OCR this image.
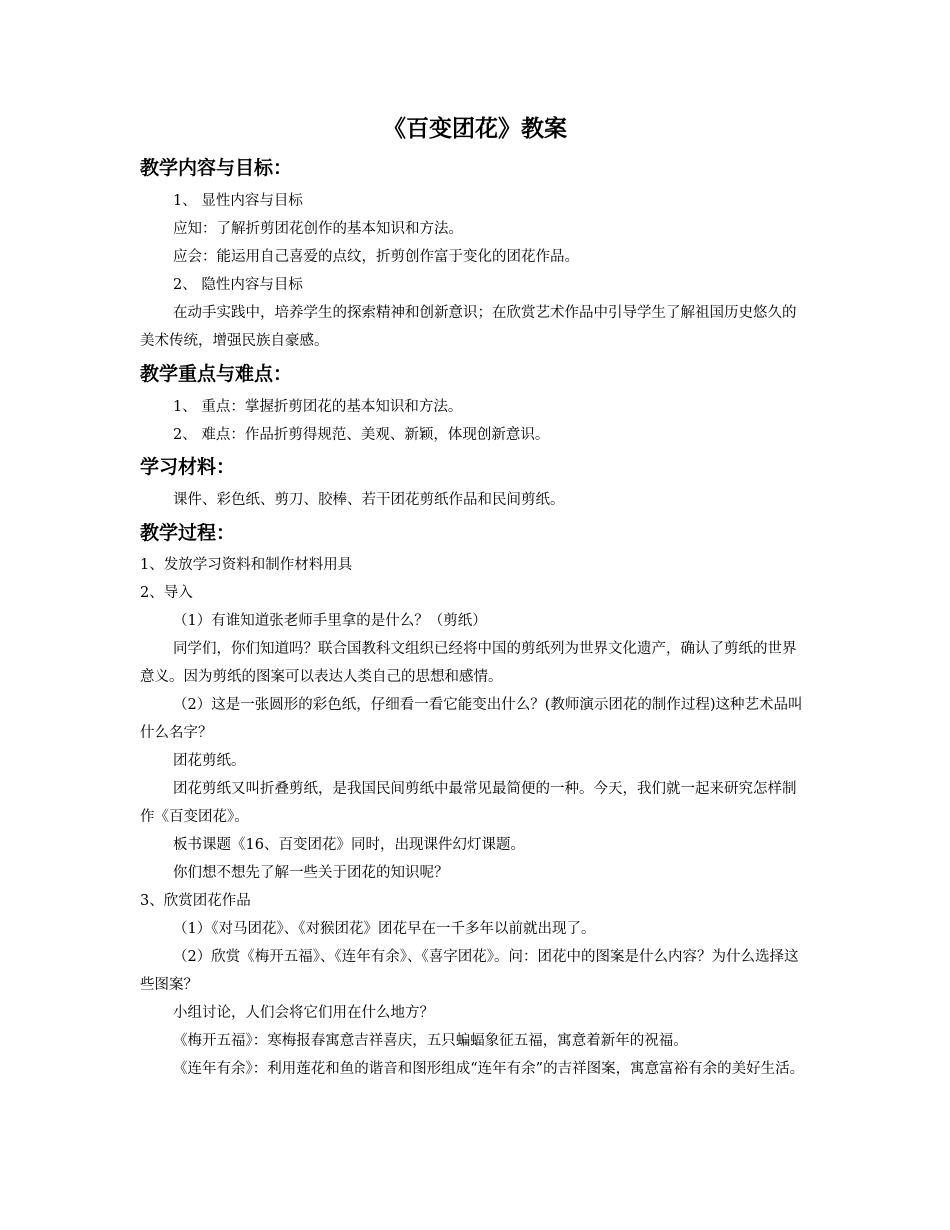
《百变团花》教案
教学内容与目标：
1、 显性内容与目标
应知：了解折剪团花创作的基本知识和方法。
应会：能运用自己喜爱的点纹，折剪创作富于变化的团花作品。
2、 隐性内容与目标
在动手实践中，培养学生的探索精神和创新意识；在欣赏艺术作品中引导学生了解祖国历史悠久的美术传统，增强民族自豪感。
教学重点与难点：
1、 重点：掌握折剪团花的基本知识和方法。
2、 难点：作品折剪得规范、美观、新颖，体现创新意识。
学习材料：
课件、彩色纸、剪刀、胶棒、若干团花剪纸作品和民间剪纸。
教学过程：
1、发放学习资料和制作材料用具
2、导入
（1）有谁知道张老师手里拿的是什么？（剪纸）
同学们，你们知道吗？联合国教科文组织已经将中国的剪纸列为世界文化遗产，确认了剪纸的世界意义。因为剪纸的图案可以表达人类自己的思想和感情。
（2）这是一张圆形的彩色纸，仔细看一看它能变出什么？(教师演示团花的制作过程)这种艺术品叫什么名字？
团花剪纸。
团花剪纸又叫折叠剪纸，是我国民间剪纸中最常见最简便的一种。今天，我们就一起来研究怎样制作《百变团花》。
板书课题《16、百变团花》同时，出现课件幻灯课题。
你们想不想先了解一些关于团花的知识呢？
3、欣赏团花作品
（1）《对马团花》、《对猴团花》团花早在一千多年以前就出现了。
（2）欣赏《梅开五福》、《连年有余》、《喜字团花》。问：团花中的图案是什么内容？为什么选择这些图案？
小组讨论，人们会将它们用在什么地方？
《梅开五福》：寒梅报春寓意吉祥喜庆，五只蝙蝠象征五福，寓意着新年的祝福。
《连年有余》：利用莲花和鱼的谐音和图形组成“连年有余”的吉祥图案，寓意富裕有余的美好生活。
